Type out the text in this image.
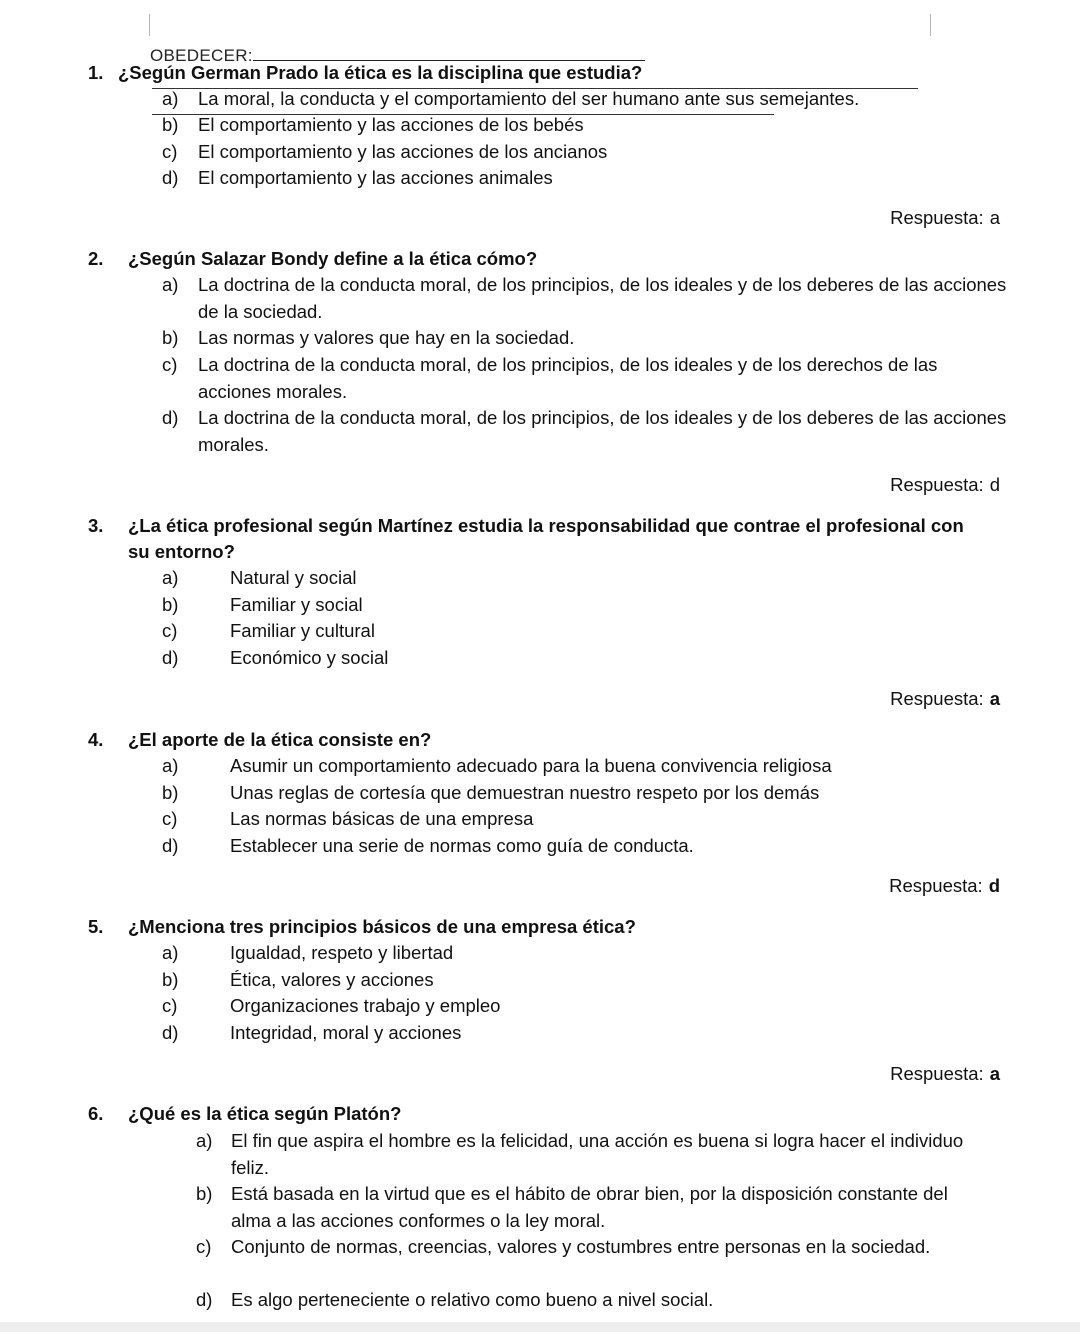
OBEDECER:
1. ¿Según German Prado la ética es la disciplina que estudia?
a) La moral, la conducta y el comportamiento del ser humano ante sus semejantes.
b) El comportamiento y las acciones de los bebés
c) El comportamiento y las acciones de los ancianos
d) El comportamiento y las acciones animales
Respuesta: a
2. ¿Según Salazar Bondy define a la ética cómo?
a) La doctrina de la conducta moral, de los principios, de los ideales y de los deberes de las acciones de la sociedad.
b) Las normas y valores que hay en la sociedad.
c) La doctrina de la conducta moral, de los principios, de los ideales y de los derechos de las acciones morales.
d) La doctrina de la conducta moral, de los principios, de los ideales y de los deberes de las acciones morales.
Respuesta: d
3. ¿La ética profesional según Martínez estudia la responsabilidad que contrae el profesional con su entorno?
a)	Natural y social
b)	Familiar y social
c)	Familiar y cultural
d)	Económico y social
Respuesta: a
4. ¿El aporte de la ética consiste en?
a)	Asumir un comportamiento adecuado para la buena convivencia religiosa
b)	Unas reglas de cortesía que demuestran nuestro respeto por los demás
c)	Las normas básicas de una empresa
d)	Establecer una serie de normas como guía de conducta.
Respuesta: d
5. ¿Menciona tres principios básicos de una empresa ética?
a)	Igualdad, respeto y libertad
b)	Ética, valores y acciones
c)	Organizaciones trabajo y empleo
d)	Integridad, moral y acciones
Respuesta: a
6. ¿Qué es la ética según Platón?
a) El fin que aspira el hombre es la felicidad, una acción es buena si logra hacer el individuo feliz.
b) Está basada en la virtud que es el hábito de obrar bien, por la disposición constante del alma a las acciones conformes o la ley moral.
c) Conjunto de normas, creencias, valores y costumbres entre personas en la sociedad.
d) Es algo perteneciente o relativo como bueno a nivel social.
